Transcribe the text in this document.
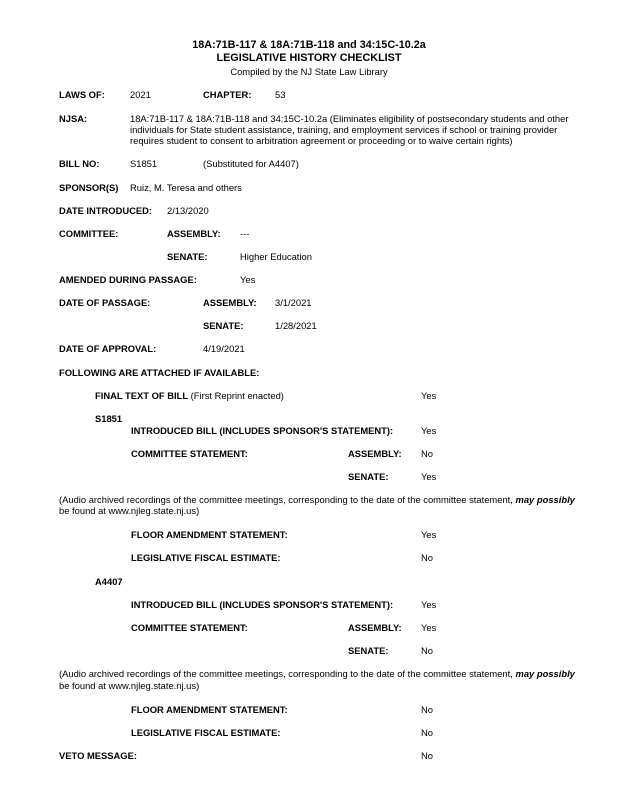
18A:71B-117 & 18A:71B-118 and 34:15C-10.2a
LEGISLATIVE HISTORY CHECKLIST
Compiled by the NJ State Law Library
LAWS OF:	2021	CHAPTER:	53
NJSA:	18A:71B-117 & 18A:71B-118 and 34:15C-10.2a (Eliminates eligibility of postsecondary students and other
individuals for State student assistance, training, and employment services if school or training provider
requires student to consent to arbitration agreement or proceeding or to waive certain rights)
BILL NO:	S1851	(Substituted for A4407)
SPONSOR(S) Ruiz, M. Teresa and others
DATE INTRODUCED: 2/13/2020
COMMITTEE:	ASSEMBLY: ---
SENATE:	Higher Education
AMENDED DURING PASSAGE:	Yes
DATE OF PASSAGE:	ASSEMBLY: 3/1/2021
SENATE:	1/28/2021
DATE OF APPROVAL:	4/19/2021
FOLLOWING ARE ATTACHED IF AVAILABLE:
FINAL TEXT OF BILL (First Reprint enacted)	Yes
S1851
INTRODUCED BILL (INCLUDES SPONSOR'S STATEMENT):	Yes
COMMITTEE STATEMENT:	ASSEMBLY: No
SENATE:	Yes
(Audio archived recordings of the committee meetings, corresponding to the date of the committee statement, may possibly
be found at www.njleg.state.nj.us)
FLOOR AMENDMENT STATEMENT:	Yes
LEGISLATIVE FISCAL ESTIMATE:	No
A4407
INTRODUCED BILL (INCLUDES SPONSOR'S STATEMENT):	Yes
COMMITTEE STATEMENT:	ASSEMBLY: Yes
SENATE:	No
(Audio archived recordings of the committee meetings, corresponding to the date of the committee statement, may possibly
be found at www.njleg.state.nj.us)
FLOOR AMENDMENT STATEMENT:	No
LEGISLATIVE FISCAL ESTIMATE:	No
VETO MESSAGE:	No
